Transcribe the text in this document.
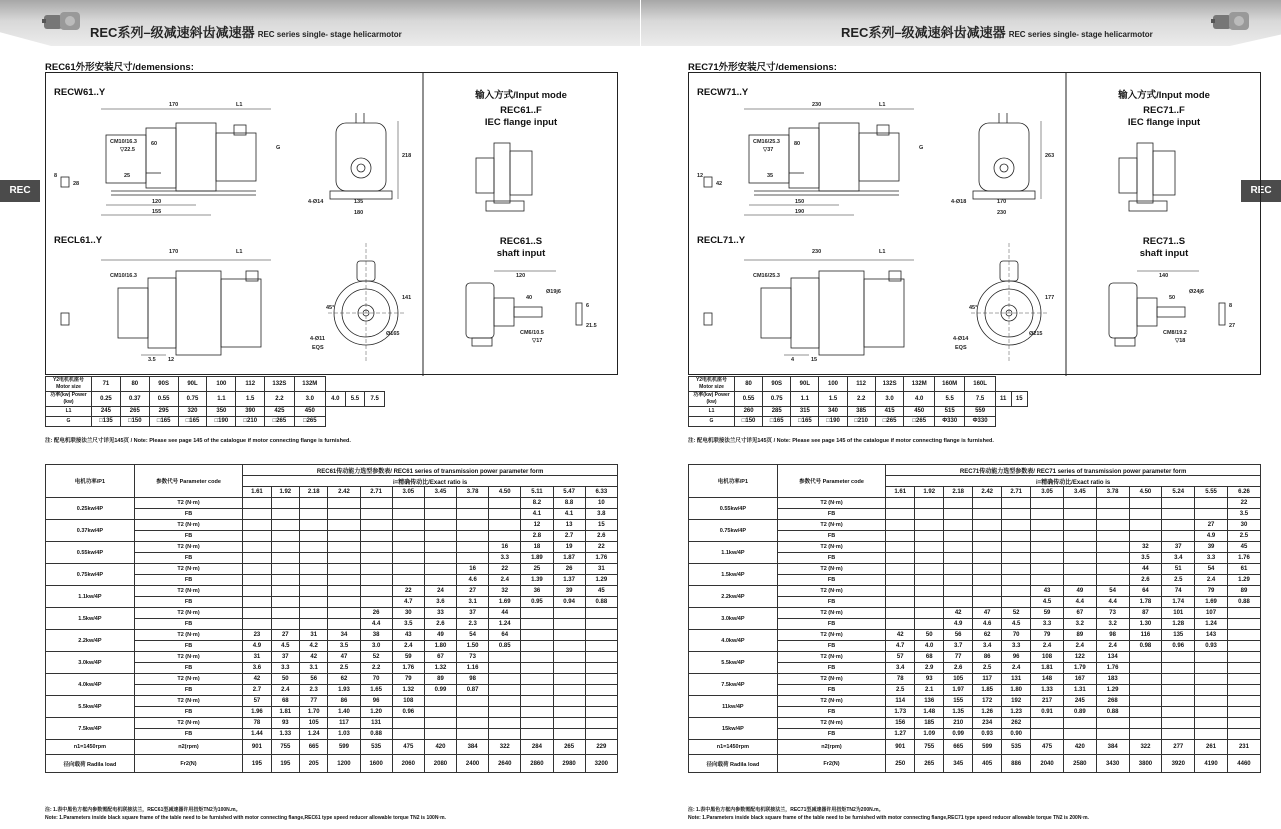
REC系列–级减速斜齿减速器 REC series single- stage helicarmotor
REC
REC61外形安装尺寸/demensions:
RECW61..Y
RECL61..Y
输入方式/Input mode
REC61..F
IEC flange input
REC61..S
shaft input
170	L1
CM10/16.3
▽22.5
60
120
155
G
25
28
8
218
135
180
4-Ø14
170	L1
CM10/16.3
3.5 12
45°
141
4-Ø11
EQS
Ø165
120
40
Ø19j6
6
21.5
CM6/10.5
▽17
Y2电机机座号 Motor size	71	80	90S	90L	100	112	132S	132M			
功率(kw) Power (kw)	0.25	0.37	0.55	0.75	1.1	1.5	2.2	3.0	4.0	5.5	7.5
L1	245	265	295	320	350	390	425	450			
G	□135	□150	□165	□165	□190	□210	□265	□265			
注: 配电机联接法兰尺寸详见145页 / Note: Please see page 145 of the catalogue if motor connecting flange is furnished.
电机功率/P1	参数代号 Parameter code	REC61传动能力选型参数表/ REC61 series of transmission power parameter form											
		i=精确传动比/Exact ratio is											
		1.61	1.92	2.18	2.42	2.71	3.05	3.45	3.78	4.50	5.11	5.47	6.33
0.25kw/4P	T2 (N·m)										8.2	8.8	10
	FB										4.1	4.1	3.8
0.37kw/4P	T2 (N·m)										12	13	15
	FB										2.8	2.7	2.6
0.55kw/4P	T2 (N·m)									16	18	19	22
	FB									3.3	1.89	1.87	1.76
0.75kw/4P	T2 (N·m)								16	22	25	26	31
	FB								4.6	2.4	1.39	1.37	1.29
1.1kw/4P	T2 (N·m)						22	24	27	32	36	39	45
	FB						4.7	3.6	3.1	1.69	0.95	0.94	0.88
1.5kw/4P	T2 (N·m)					26	30	33	37	44			
	FB					4.4	3.5	2.6	2.3	1.24			
2.2kw/4P	T2 (N·m)	23	27	31	34	38	43	49	54	64			
	FB	4.9	4.5	4.2	3.5	3.0	2.4	1.80	1.50	0.85			
3.0kw/4P	T2 (N·m)	31	37	42	47	52	59	67	73				
	FB	3.6	3.3	3.1	2.5	2.2	1.76	1.32	1.16				
4.0kw/4P	T2 (N·m)	42	50	56	62	70	79	89	98				
	FB	2.7	2.4	2.3	1.93	1.65	1.32	0.99	0.87				
5.5kw/4P	T2 (N·m)	57	68	77	86	96	108						
	FB	1.96	1.81	1.70	1.40	1.20	0.96						
7.5kw/4P	T2 (N·m)	78	93	105	117	131							
	FB	1.44	1.33	1.24	1.03	0.88							
n1=1450rpm	n2(rpm)	901	755	665	599	535	475	420	384	322	284	265	229
径向载荷 Radila load	Fr2(N)	195	195	205	1200	1600	2060	2080	2400	2640	2860	2980	3200
注: 1.表中黑色方框内参数需配电机联接法兰，REC61型减速器许用扭矩TN2为100N.m。
Note: 1.Parameters inside black square frame of the table need to be furnished with motor connecting flange,REC61 type speed reducer allowable torque TN2 is 100N·m.
REC系列–级减速斜齿减速器 REC series single- stage helicarmotor
REC
REC71外形安装尺寸/demensions:
RECW71..Y
RECL71..Y
输入方式/Input mode
REC71..F
IEC flange input
REC71..S
shaft input
230	L1
CM16/25.3
▽37
80
150
190
G
35
42
12
263
170
230
4-Ø18
230	L1
CM16/25.3
4	15
45°
177
4-Ø14
EQS
Ø215
140
50
Ø24j6
8
27
CM8/19.2
▽18
Y2电机机座号 Motor size	80	90S	90L	100	112	132S	132M	160M	160L		
功率(kw) Power (kw)	0.55	0.75	1.1	1.5	2.2	3.0	4.0	5.5	7.5	11	15
L1	260	285	315	340	385	415	450	515	559		
G	□150	□165	□165	□190	□210	□265	□265	Φ330	Φ330		
注: 配电机联接法兰尺寸详见145页 / Note: Please see page 145 of the catalogue if motor connecting flange is furnished.
电机功率/P1	参数代号 Parameter code	REC71传动能力选型参数表/ REC71 series of transmission power parameter form											
		i=精确传动比/Exact ratio is											
		1.61	1.92	2.18	2.42	2.71	3.05	3.45	3.78	4.50	5.24	5.55	6.26
0.55kw/4P	T2 (N·m)												22
	FB												3.5
0.75kw/4P	T2 (N·m)											27	30
	FB											4.9	2.5
1.1kw/4P	T2 (N·m)									32	37	39	45
	FB									3.5	3.4	3.3	1.76
1.5kw/4P	T2 (N·m)									44	51	54	61
	FB									2.6	2.5	2.4	1.29
2.2kw/4P	T2 (N·m)						43	49	54	64	74	79	89
	FB						4.5	4.4	4.4	1.78	1.74	1.69	0.88
3.0kw/4P	T2 (N·m)			42	47	52	59	67	73	87	101	107	
	FB			4.9	4.6	4.5	3.3	3.2	3.2	1.30	1.28	1.24	
4.0kw/4P	T2 (N·m)	42	50	56	62	70	79	89	98	116	135	143	
	FB	4.7	4.0	3.7	3.4	3.3	2.4	2.4	2.4	0.98	0.96	0.93	
5.5kw/4P	T2 (N·m)	57	68	77	86	96	108	122	134				
	FB	3.4	2.9	2.6	2.5	2.4	1.81	1.79	1.76				
7.5kw/4P	T2 (N·m)	78	93	105	117	131	148	167	183				
	FB	2.5	2.1	1.97	1.85	1.80	1.33	1.31	1.29				
11kw/4P	T2 (N·m)	114	136	155	172	192	217	245	268				
	FB	1.73	1.48	1.35	1.26	1.23	0.91	0.89	0.88				
15kw/4P	T2 (N·m)	156	185	210	234	262							
	FB	1.27	1.09	0.99	0.93	0.90							
n1=1450rpm	n2(rpm)	901	755	665	599	535	475	420	384	322	277	261	231
径向载荷 Radila load	Fr2(N)	250	265	345	405	886	2040	2580	3430	3800	3920	4190	4460
注: 1.表中黑色方框内参数需配电机联接法兰，REC71型减速器许用扭矩TN2为200N.m。
Note: 1.Parameters inside black square frame of the table need to be furnished with motor connecting flange,REC71 type speed reducer allowable torque TN2 is 200N·m.
